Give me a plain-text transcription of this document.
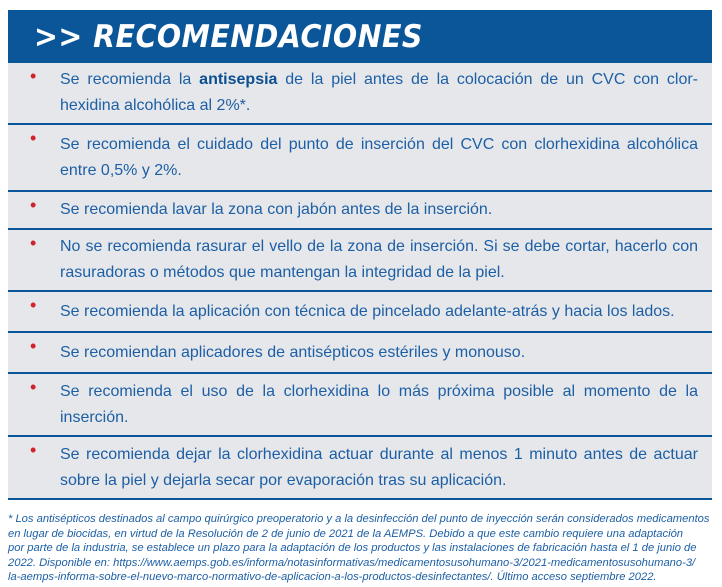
>> RECOMENDACIONES
•	Se recomienda la antisepsia de la piel antes de la colocación de un CVC con clor-hexidina alcohólica al 2%*.
•	Se recomienda el cuidado del punto de inserción del CVC con clorhexidina alcohólica entre 0,5% y 2%.
•	Se recomienda lavar la zona con jabón antes de la inserción.
•	No se recomienda rasurar el vello de la zona de inserción. Si se debe cortar, hacerlo con rasuradoras o métodos que mantengan la integridad de la piel.
•	Se recomienda la aplicación con técnica de pincelado adelante-atrás y hacia los lados.
•	Se recomiendan aplicadores de antisépticos estériles y monouso.
•	Se recomienda el uso de la clorhexidina lo más próxima posible al momento de la inserción.
•	Se recomienda dejar la clorhexidina actuar durante al menos 1 minuto antes de actuar sobre la piel y dejarla secar por evaporación tras su aplicación.
* Los antisépticos destinados al campo quirúrgico preoperatorio y a la desinfección del punto de inyección serán considerados medicamentos
en lugar de biocidas, en virtud de la Resolución de 2 de junio de 2021 de la AEMPS. Debido a que este cambio requiere una adaptación
por parte de la industria, se establece un plazo para la adaptación de los productos y las instalaciones de fabricación hasta el 1 de junio de
2022. Disponible en: https://www.aemps.gob.es/informa/notasinformativas/medicamentosusohumano-3/2021-medicamentosusohumano-3/
la-aemps-informa-sobre-el-nuevo-marco-normativo-de-aplicacion-a-los-productos-desinfectantes/. Último acceso septiembre 2022.
